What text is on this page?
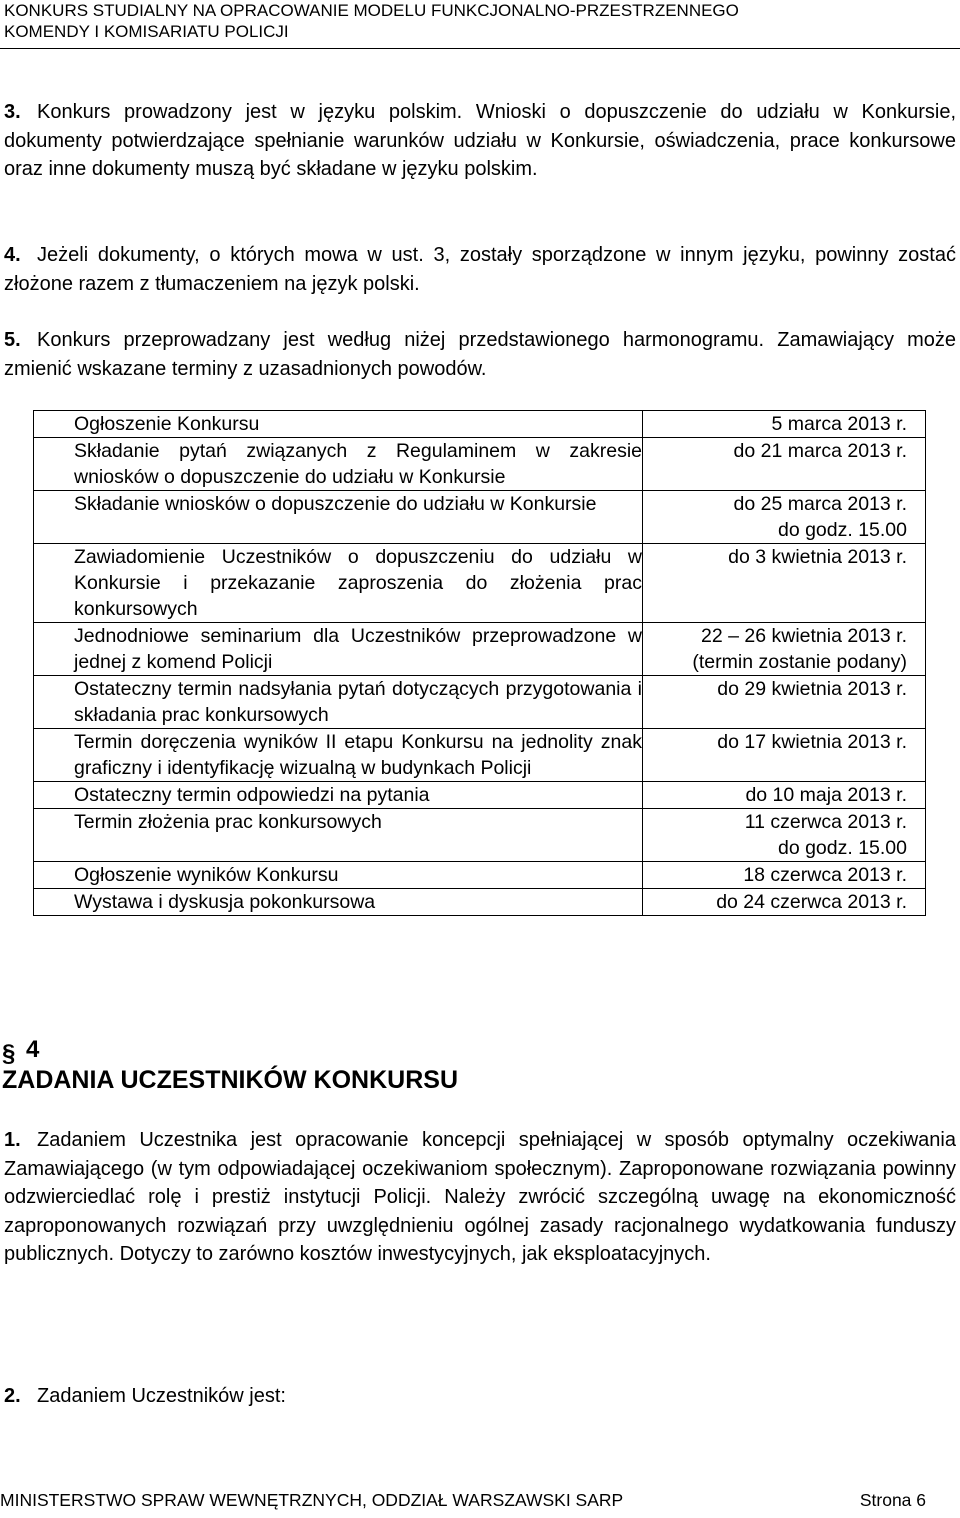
KONKURS STUDIALNY NA OPRACOWANIE MODELU FUNKCJONALNO-PRZESTRZENNEGO
KOMENDY I KOMISARIATU POLICJI
3. Konkurs prowadzony jest w języku polskim. Wnioski o dopuszczenie do udziału w Konkursie, dokumenty potwierdzające spełnianie warunków udziału w Konkursie, oświadczenia, prace konkursowe oraz inne dokumenty muszą być składane w języku polskim.
4. Jeżeli dokumenty, o których mowa w ust. 3, zostały sporządzone w innym języku, powinny zostać złożone razem z tłumaczeniem na język polski.
5. Konkurs przeprowadzany jest według niżej przedstawionego harmonogramu. Zamawiający może zmienić wskazane terminy z uzasadnionych powodów.
Ogłoszenie Konkursu	5 marca 2013 r.

Składanie pytań związanych z Regulaminem w zakresie wniosków o dopuszczenie do udziału w Konkursie	do 21 marca 2013 r.

Składanie wniosków o dopuszczenie do udziału w Konkursie	do 25 marca 2013 r.
do godz. 15.00

Zawiadomienie Uczestników o dopuszczeniu do udziału w Konkursie i przekazanie zaproszenia do złożenia prac konkursowych	do 3 kwietnia 2013 r.

Jednodniowe seminarium dla Uczestników przeprowadzone w jednej z komend Policji	22 – 26 kwietnia 2013 r.
(termin zostanie podany)

Ostateczny termin nadsyłania pytań dotyczących przygotowania i składania prac konkursowych	do 29 kwietnia 2013 r.

Termin doręczenia wyników II etapu Konkursu na jednolity znak graficzny i identyfikację wizualną w budynkach Policji	do 17 kwietnia 2013 r.

Ostateczny termin odpowiedzi na pytania	do 10 maja 2013 r.

Termin złożenia prac konkursowych	11 czerwca 2013 r.
do godz. 15.00

Ogłoszenie wyników Konkursu	18 czerwca 2013 r.

Wystawa i dyskusja pokonkursowa	do 24 czerwca 2013 r.
§ 4
ZADANIA UCZESTNIKÓW KONKURSU
1. Zadaniem Uczestnika jest opracowanie koncepcji spełniającej w sposób optymalny oczekiwania Zamawiającego (w tym odpowiadającej oczekiwaniom społecznym). Zaproponowane rozwiązania powinny odzwierciedlać rolę i prestiż instytucji Policji. Należy zwrócić szczególną uwagę na ekonomiczność zaproponowanych rozwiązań przy uwzględnieniu ogólnej zasady racjonalnego wydatkowania funduszy publicznych. Dotyczy to zarówno kosztów inwestycyjnych, jak eksploatacyjnych.
2. Zadaniem Uczestników jest:
MINISTERSTWO SPRAW WEWNĘTRZNYCH, ODDZIAŁ WARSZAWSKI SARP	Strona 6
